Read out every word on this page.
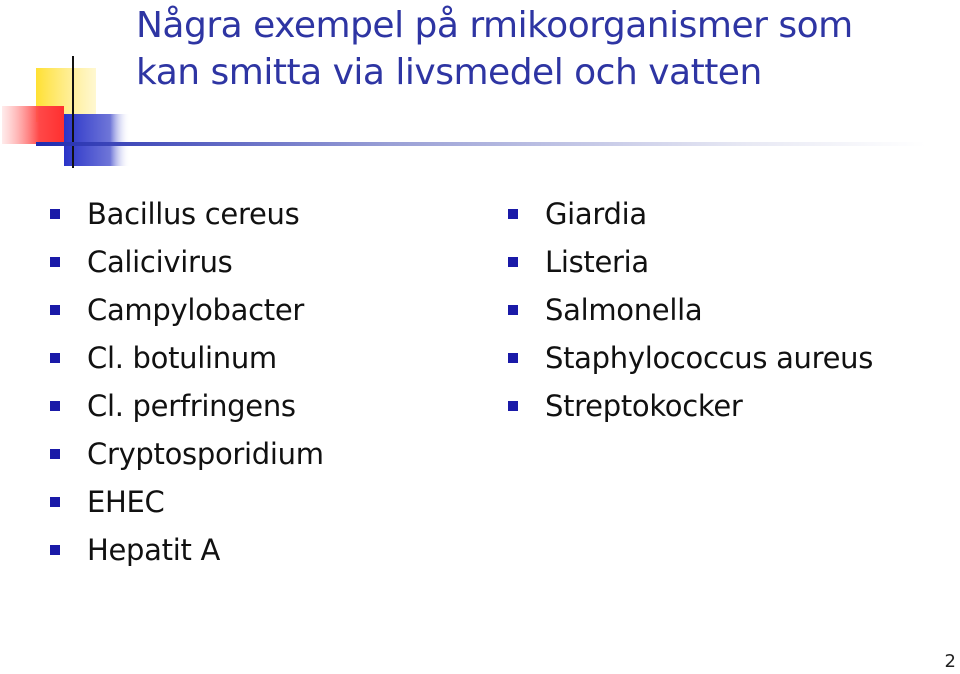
Några exempel på rmikoorganismer som
kan smitta via livsmedel och vatten
Bacillus cereus
Calicivirus
Campylobacter
Cl. botulinum
Cl. perfringens
Cryptosporidium
EHEC
Hepatit A
Giardia
Listeria
Salmonella
Staphylococcus aureus
Streptokocker
2
